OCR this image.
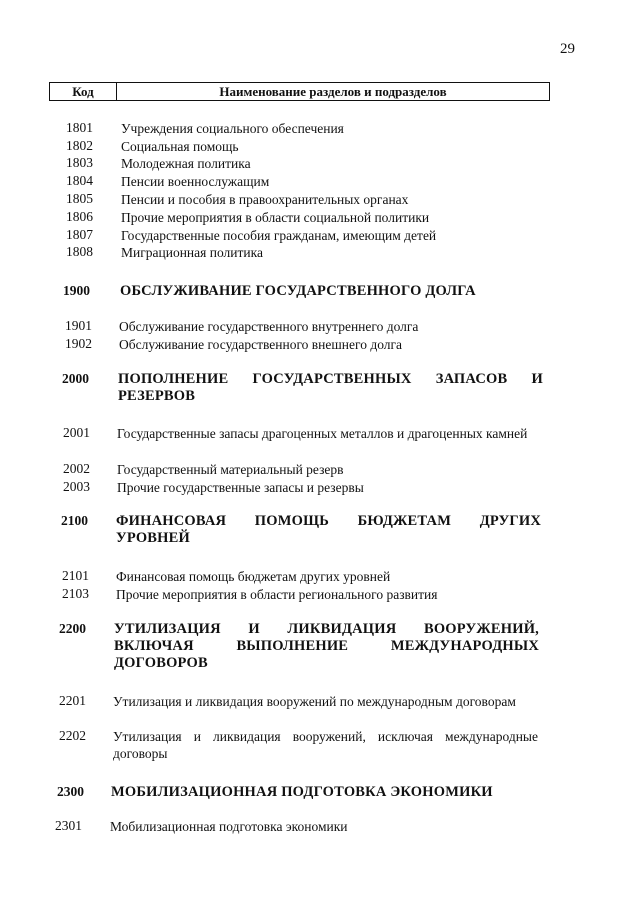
29
Код	Наименование разделов и подразделов
1801	Учреждения социального обеспечения
1802	Социальная помощь
1803	Молодежная политика
1804	Пенсии военнослужащим
1805	Пенсии и пособия в правоохранительных органах
1806	Прочие мероприятия в области социальной политики
1807	Государственные пособия гражданам, имеющим детей
1808	Миграционная политика
1900	ОБСЛУЖИВАНИЕ ГОСУДАРСТВЕННОГО ДОЛГА
1901	Обслуживание государственного внутреннего долга
1902	Обслуживание государственного внешнего долга
2000	ПОПОЛНЕНИЕ ГОСУДАРСТВЕННЫХ ЗАПАСОВ И РЕЗЕРВОВ
2001	Государственные запасы драгоценных металлов и драгоценных камней
2002	Государственный материальный резерв
2003	Прочие государственные запасы и резервы
2100	ФИНАНСОВАЯ ПОМОЩЬ БЮДЖЕТАМ ДРУГИХ УРОВНЕЙ
2101	Финансовая помощь бюджетам других уровней
2103	Прочие мероприятия в области регионального развития
2200	УТИЛИЗАЦИЯ И ЛИКВИДАЦИЯ ВООРУЖЕНИЙ, ВКЛЮЧАЯ ВЫПОЛНЕНИЕ МЕЖДУНАРОДНЫХ ДОГОВОРОВ
2201	Утилизация и ликвидация вооружений по международным договорам
2202	Утилизация и ликвидация вооружений, исключая международные договоры
2300	МОБИЛИЗАЦИОННАЯ ПОДГОТОВКА ЭКОНОМИКИ
2301	Мобилизационная подготовка экономики
